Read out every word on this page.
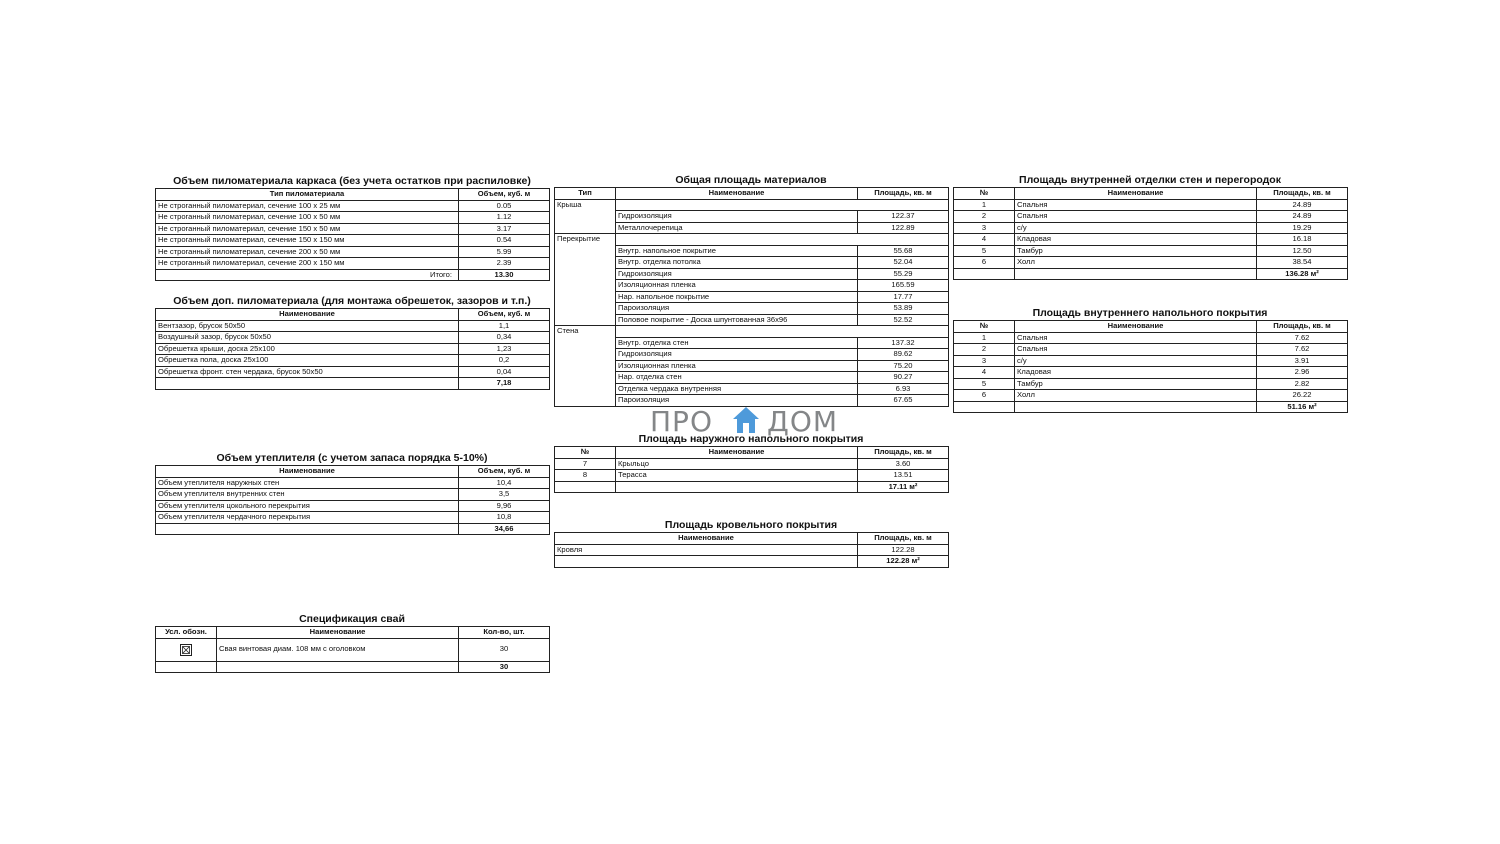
Объем пиломатериала каркаса (без учета остатков при распиловке)
Тип пиломатериала	Объем, куб. м
Не строганный пиломатериал, сечение 100 х 25 мм	0.05
Не строганный пиломатериал, сечение 100 х 50 мм	1.12
Не строганный пиломатериал, сечение 150 х 50 мм	3.17
Не строганный пиломатериал, сечение 150 х 150 мм	0.54
Не строганный пиломатериал, сечение 200 х 50 мм	5.99
Не строганный пиломатериал, сечение 200 х 150 мм	2.39
Итого:	13.30
Объем доп. пиломатериала (для монтажа обрешеток, зазоров и т.п.)
Наименование	Объем, куб. м
Вентзазор, брусок 50х50	1,1
Воздушный зазор, брусок 50х50	0,34
Обрешетка крыши, доска 25х100	1,23
Обрешетка пола, доска 25х100	0,2
Обрешетка фронт. стен чердака, брусок 50х50	0,04
	7,18
Объем утеплителя (с учетом запаса порядка 5-10%)
Наименование	Объем, куб. м
Объем утеплителя наружных стен	10,4
Объем утеплителя внутренних стен	3,5
Объем утеплителя цокольного перекрытия	9,96
Объем утеплителя чердачного перекрытия	10,8
	34,66
Спецификация свай
Усл. обозн.	Наименование	Кол-во, шт.
	Свая винтовая диам. 108 мм с оголовком	30
		30
Общая площадь материалов
Тип	Наименование	Площадь, кв. м
Крыша		
	Гидроизоляция	122.37
	Металлочерепица	122.89
Перекрытие		
	Внутр. напольное покрытие	55.68
	Внутр. отделка потолка	52.04
	Гидроизоляция	55.29
	Изоляционная пленка	165.59
	Нар. напольное покрытие	17.77
	Пароизоляция	53.89
	Половое покрытие - Доска шпунтованная 36х96	52.52
Стена		
	Внутр. отделка стен	137.32
	Гидроизоляция	89.62
	Изоляционная пленка	75.20
	Нар. отделка стен	90.27
	Отделка чердака внутренняя	6.93
	Пароизоляция	67.65
Площадь наружного напольного покрытия
№	Наименование	Площадь, кв. м
7	Крыльцо	3.60
8	Терасса	13.51
		17.11 м²
Площадь кровельного покрытия
Наименование	Площадь, кв. м
Кровля	122.28
	122.28 м²
Площадь внутренней отделки стен и перегородок
№	Наименование	Площадь, кв. м
1	Спальня	24.89
2	Спальня	24.89
3	с/у	19.29
4	Кладовая	16.18
5	Тамбур	12.50
6	Холл	38.54
		136.28 м²
Площадь внутреннего напольного покрытия
№	Наименование	Площадь, кв. м
1	Спальня	7.62
2	Спальня	7.62
3	с/у	3.91
4	Кладовая	2.96
5	Тамбур	2.82
6	Холл	26.22
		51.16 м²
ПРО ДОМ
